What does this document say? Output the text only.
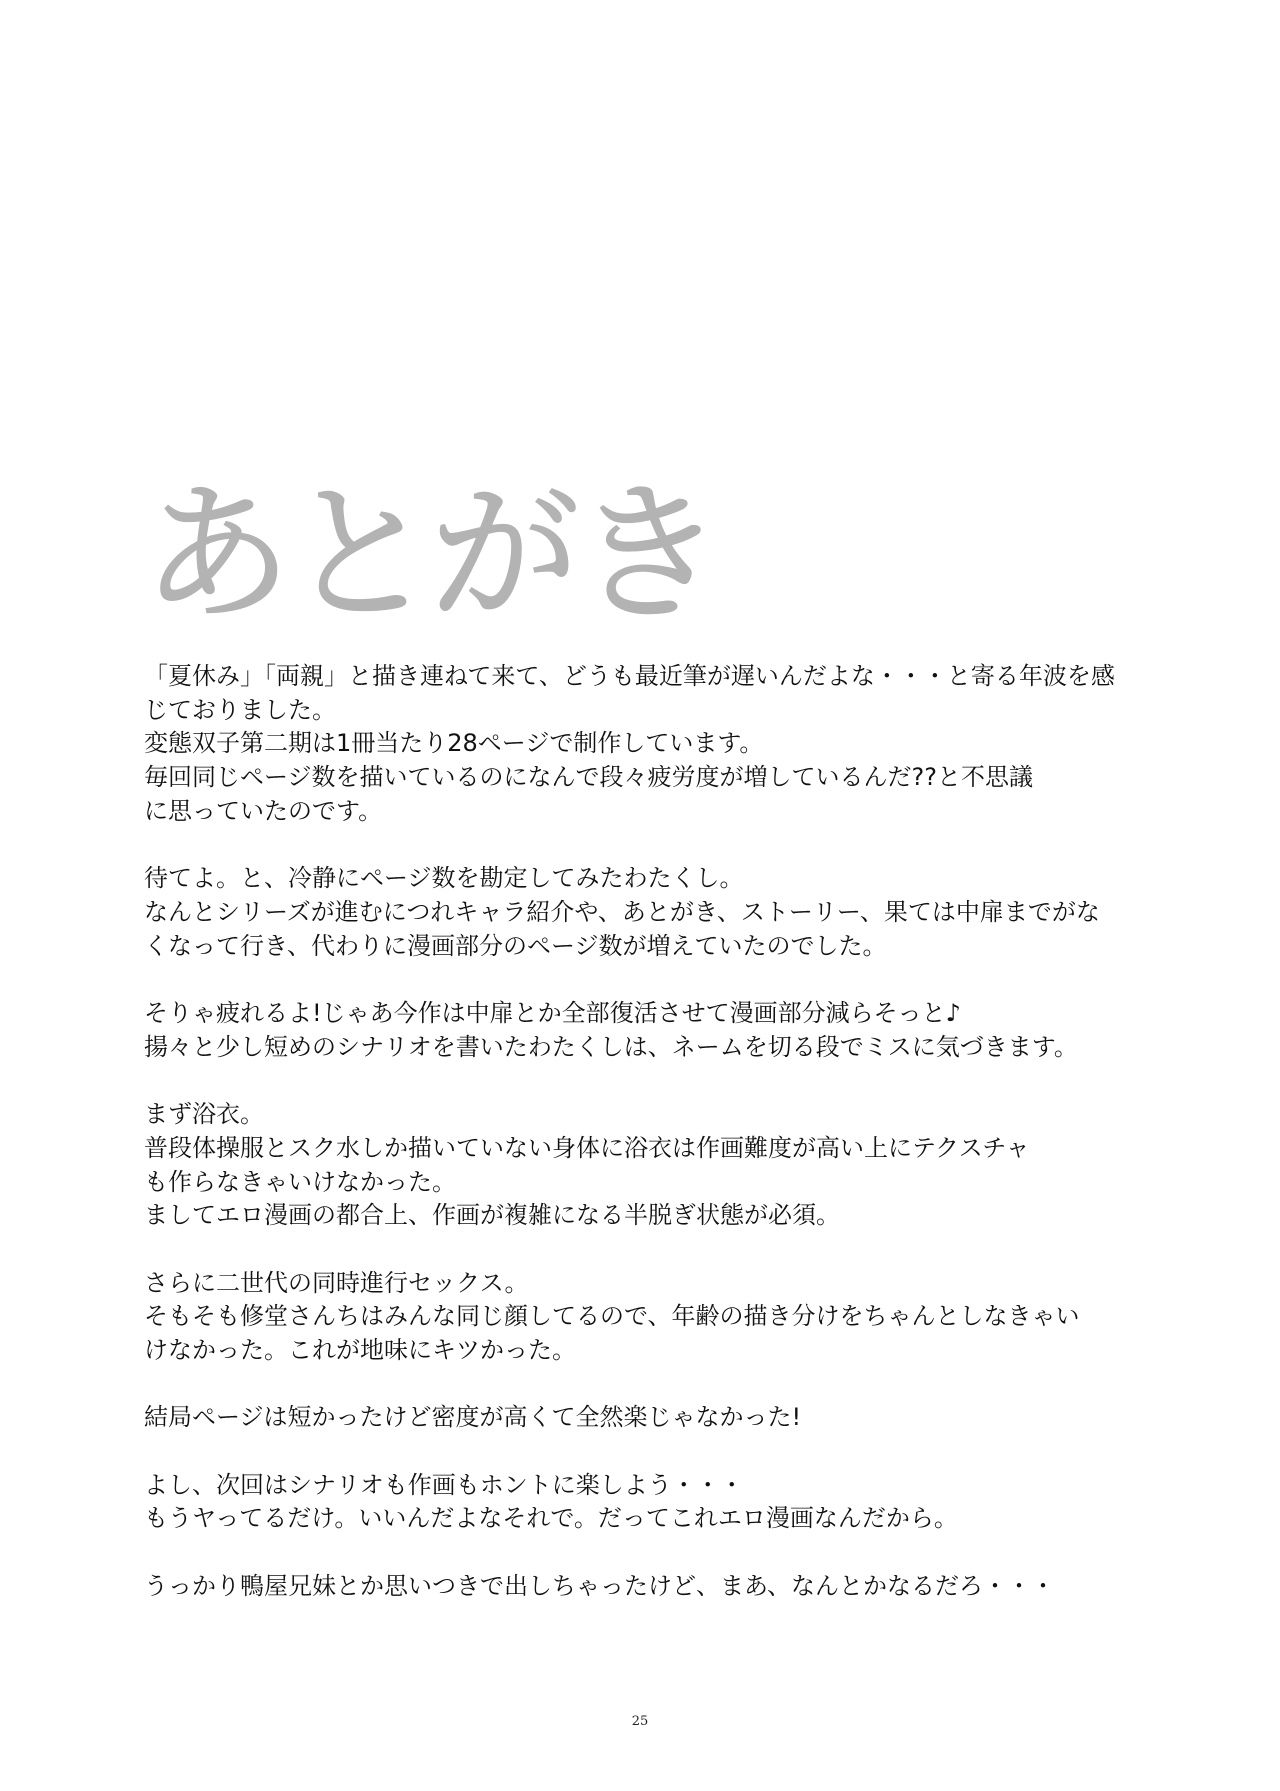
あとがき

「夏休み」「両親」と描き連ねて来て、どうも最近筆が遅いんだよな・・・と寄る年波を感
じておりました。
変態双子第二期は1冊当たり28ページで制作しています。
毎回同じページ数を描いているのになんで段々疲労度が増しているんだ??と不思議
に思っていたのです。

待てよ。と、冷静にページ数を勘定してみたわたくし。
なんとシリーズが進むにつれキャラ紹介や、あとがき、ストーリー、果ては中扉までがな
くなって行き、代わりに漫画部分のページ数が増えていたのでした。

そりゃ疲れるよ!じゃあ今作は中扉とか全部復活させて漫画部分減らそっと♪
揚々と少し短めのシナリオを書いたわたくしは、ネームを切る段でミスに気づきます。

まず浴衣。
普段体操服とスク水しか描いていない身体に浴衣は作画難度が高い上にテクスチャ
も作らなきゃいけなかった。
ましてエロ漫画の都合上、作画が複雑になる半脱ぎ状態が必須。

さらに二世代の同時進行セックス。
そもそも修堂さんちはみんな同じ顔してるので、年齢の描き分けをちゃんとしなきゃい
けなかった。これが地味にキツかった。

結局ページは短かったけど密度が高くて全然楽じゃなかった!

よし、次回はシナリオも作画もホントに楽しよう・・・
もうヤってるだけ。いいんだよなそれで。だってこれエロ漫画なんだから。

うっかり鴨屋兄妹とか思いつきで出しちゃったけど、まあ、なんとかなるだろ・・・

25
